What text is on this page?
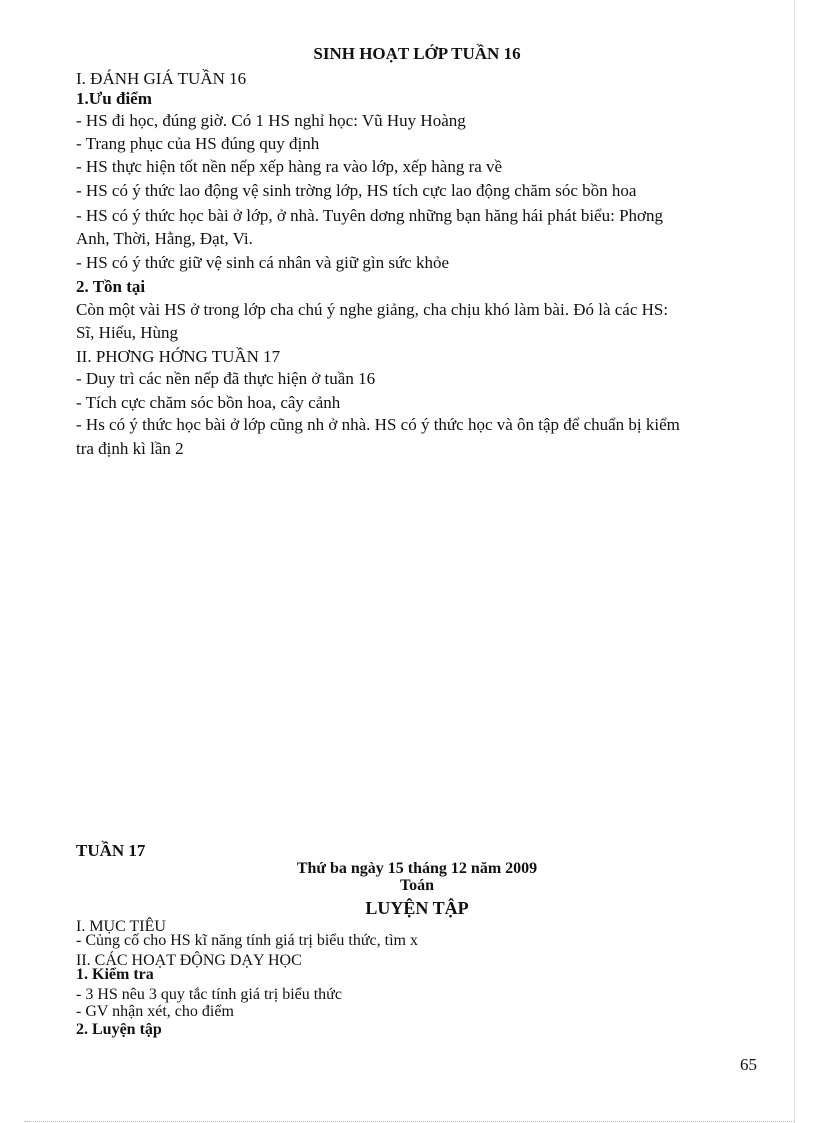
SINH HOẠT LỚP TUẦN 16
I. ĐÁNH GIÁ TUẦN 16
1.Ưu điểm
- HS đi học, đúng giờ. Có 1 HS nghỉ học: Vũ Huy Hoàng
- Trang phục của HS đúng quy định
- HS thực hiện tốt nền nếp xếp hàng ra vào lớp, xếp hàng ra về
- HS có ý thức lao động vệ sinh trờng lớp, HS tích cực lao động chăm sóc bồn hoa
- HS có ý thức học bài ở lớp, ở nhà. Tuyên dơng những bạn hăng hái phát biểu: Phơng
Anh, Thời, Hằng, Đạt, Vi.
- HS có ý thức giữ vệ sinh cá nhân và giữ gìn sức khỏe
2. Tồn tại
Còn một vài HS ở trong lớp cha chú ý nghe giảng, cha chịu khó làm bài. Đó là các HS:
Sĩ, Hiếu, Hùng
II. PHƠNG HỚNG TUẦN 17
- Duy trì các nền nếp đã thực hiện ở tuần 16
- Tích cực chăm sóc bồn hoa, cây cảnh
- Hs có ý thức học bài ở lớp cũng nh ở nhà. HS có ý thức học và ôn tập để chuẩn bị kiểm
tra định kì lần 2
TUẦN 17
Thứ ba ngày 15 tháng 12 năm 2009
Toán
LUYỆN TẬP
I. MỤC TIÊU
- Củng cố cho HS kĩ năng tính giá trị biểu thức, tìm x
II. CÁC HOẠT ĐỘNG DẠY HỌC
1. Kiểm tra
- 3 HS nêu 3 quy tắc tính giá trị biểu thức
- GV nhận xét, cho điểm
2. Luyện tập
65
